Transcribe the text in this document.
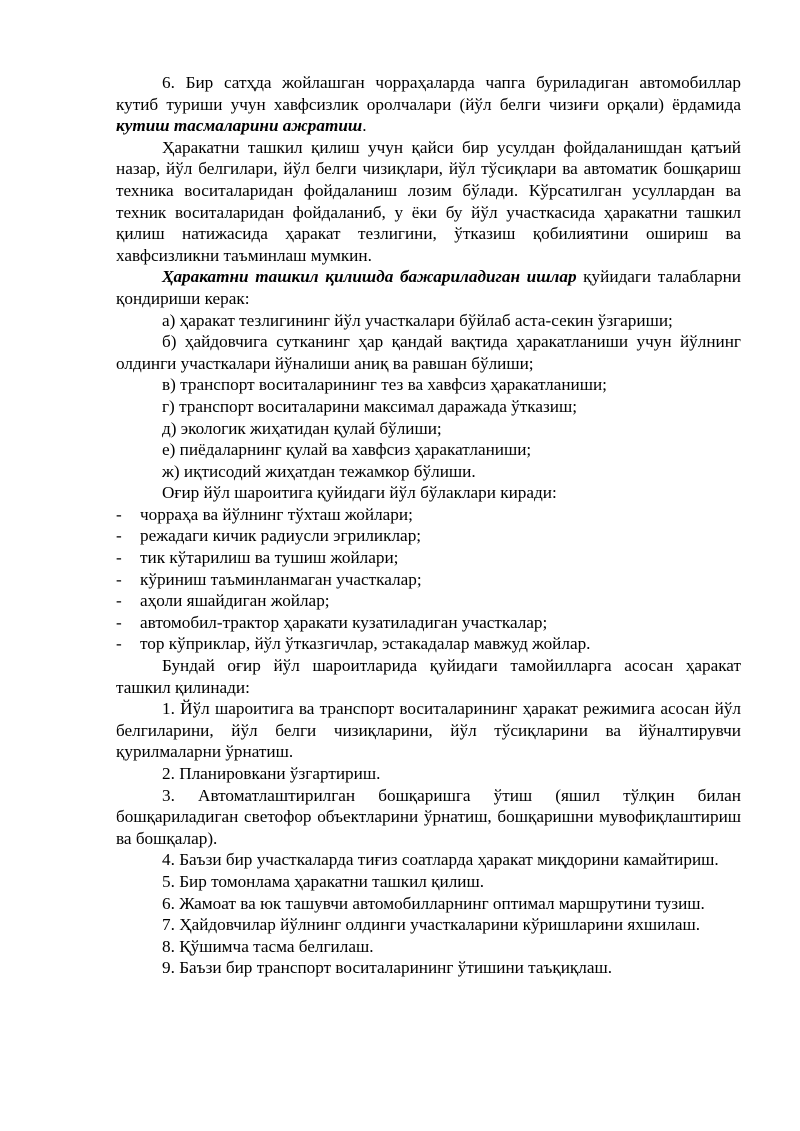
6. Бир сатҳда жойлашган чорраҳаларда чапга буриладиган автомобиллар кутиб туриши учун хавфсизлик оролчалари (йўл белги чизиғи орқали) ёрдамида кутиш тасмаларини ажратиш.

Ҳаракатни ташкил қилиш учун қайси бир усулдан фойдаланишдан қатъий назар, йўл белгилари, йўл белги чизиқлари, йўл тўсиқлари ва автоматик бошқариш техника воситаларидан фойдаланиш лозим бўлади. Кўрсатилган усуллардан ва техник воситаларидан фойдаланиб, у ёки бу йўл участкасида ҳаракатни ташкил қилиш натижасида ҳаракат тезлигини, ўтказиш қобилиятини ошириш ва хавфсизликни таъминлаш мумкин.

Ҳаракатни ташкил қилишда бажариладиган ишлар қуйидаги талабларни қондириши керак:

а) ҳаракат тезлигининг йўл участкалари бўйлаб аста-секин ўзгариши;

б) ҳайдовчига сутканинг ҳар қандай вақтида ҳаракатланиши учун йўлнинг олдинги участкалари йўналиши аниқ ва равшан бўлиши;

в) транспорт воситаларининг тез ва хавфсиз ҳаракатланиши;

г) транспорт воситаларини максимал даражада ўтказиш;

д) экологик жиҳатидан қулай бўлиши;

е) пиёдаларнинг қулай ва хавфсиз ҳаракатланиши;

ж) иқтисодий жиҳатдан тежамкор бўлиши.

Оғир йўл шароитига қуйидаги йўл бўлаклари киради:

- чорраҳа ва йўлнинг тўхташ жойлари;
- режадаги кичик радиусли эгриликлар;
- тик кўтарилиш ва тушиш жойлари;
- кўриниш таъминланмаган участкалар;
- аҳоли яшайдиган жойлар;
- автомобил-трактор ҳаракати кузатиладиган участкалар;
- тор кўприклар, йўл ўтказгичлар, эстакадалар мавжуд жойлар.

Бундай оғир йўл шароитларида қуйидаги тамойилларга асосан ҳаракат ташкил қилинади:

1. Йўл шароитига ва транспорт воситаларининг ҳаракат режимига асосан йўл белгиларини, йўл белги чизиқларини, йўл тўсиқларини ва йўналтирувчи қурилмаларни ўрнатиш.

2. Планировкани ўзгартириш.

3. Автоматлаштирилган бошқаришга ўтиш (яшил тўлқин билан бошқариладиган светофор объектларини ўрнатиш, бошқаришни мувофиқлаштириш ва бошқалар).

4. Баъзи бир участкаларда тиғиз соатларда ҳаракат миқдорини камайтириш.

5. Бир томонлама ҳаракатни ташкил қилиш.

6. Жамоат ва юк ташувчи автомобилларнинг оптимал маршрутини тузиш.

7. Ҳайдовчилар йўлнинг олдинги участкаларини кўришларини яхшилаш.

8. Қўшимча тасма белгилаш.

9. Баъзи бир транспорт воситаларининг ўтишини таъқиқлаш.
